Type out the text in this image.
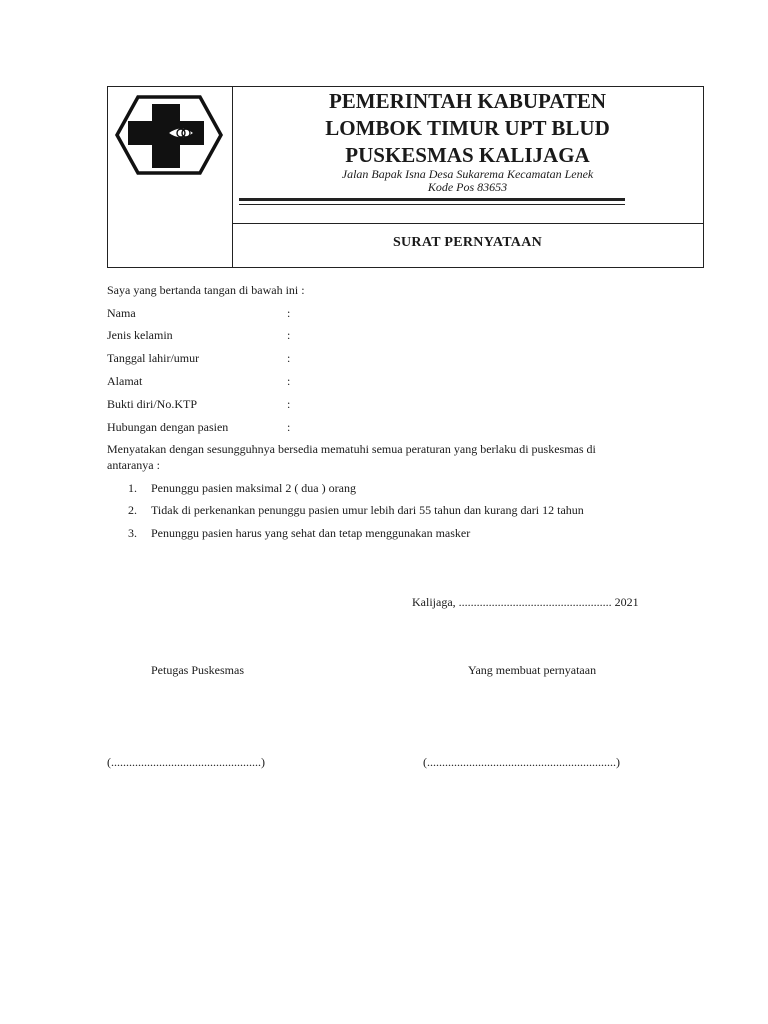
PEMERINTAH KABUPATEN
LOMBOK TIMUR UPT BLUD
PUSKESMAS KALIJAGA
Jalan Bapak Isna Desa Sukarema Kecamatan Lenek
Kode Pos 83653
SURAT PERNYATAAN
Saya yang bertanda tangan di bawah ini :
Nama	:
Jenis kelamin	:
Tanggal lahir/umur	:
Alamat	:
Bukti diri/No.KTP	:
Hubungan dengan pasien	:
Menyatakan dengan sesungguhnya bersedia mematuhi semua peraturan yang berlaku di puskesmas di
antaranya :
1. Penunggu pasien maksimal 2 ( dua ) orang
2. Tidak di perkenankan penunggu pasien umur lebih dari 55 tahun dan kurang dari 12 tahun
3. Penunggu pasien harus yang sehat dan tetap menggunakan masker
Kalijaga, ................................................... 2021
Petugas Puskesmas	Yang membuat pernyataan
(..................................................)	(...............................................................)
